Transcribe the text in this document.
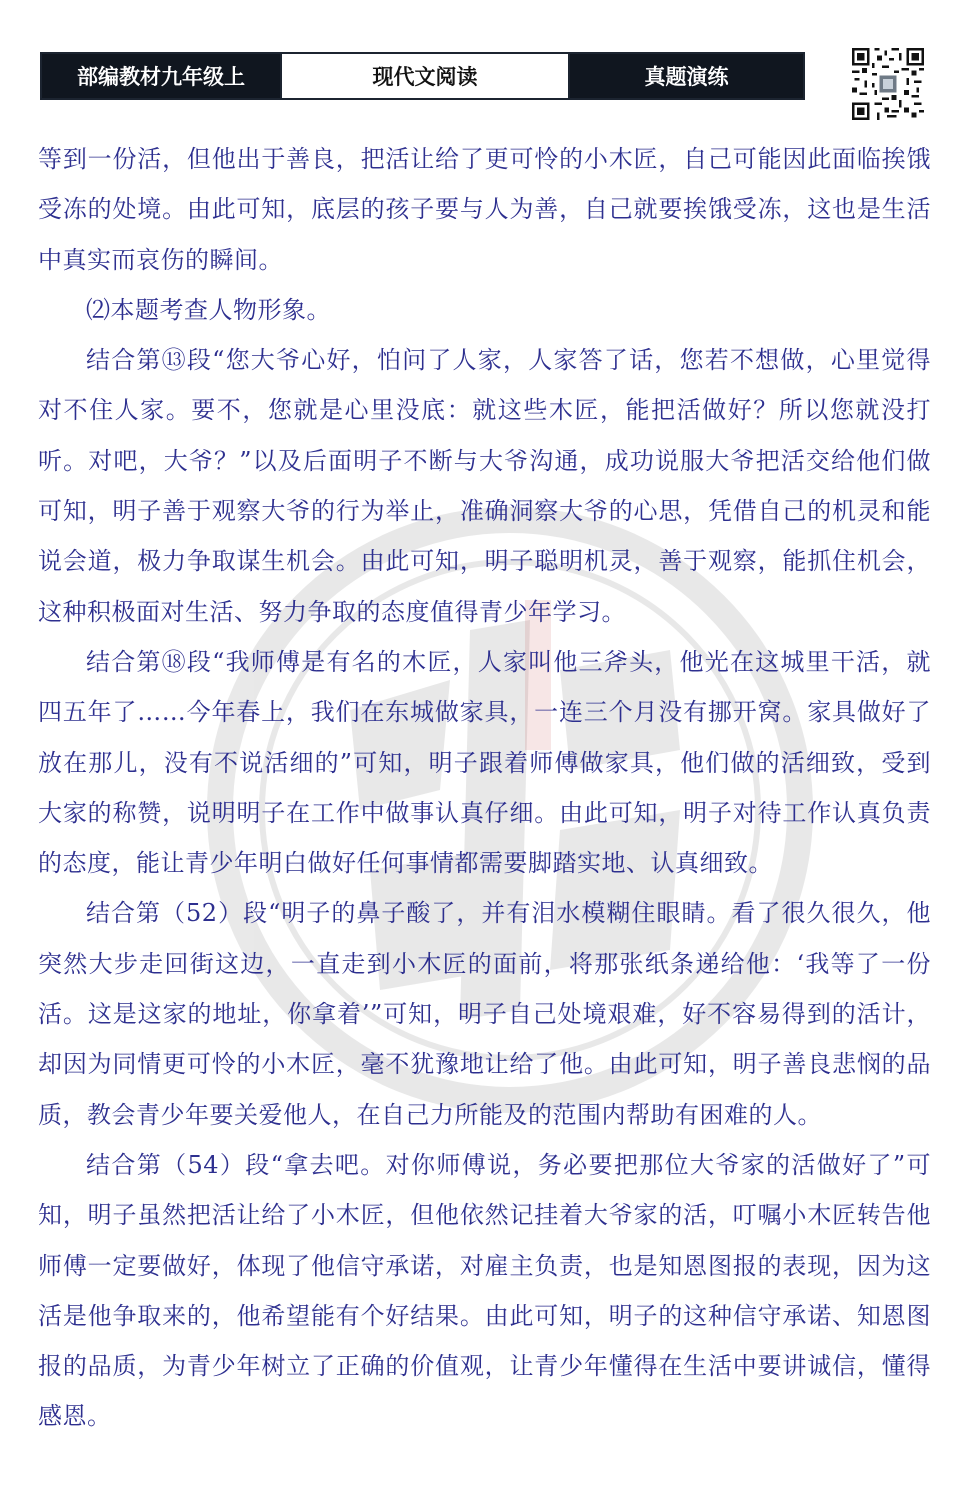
部编教材九年级上	现代文阅读	真题演练

等到一份活，但他出于善良，把活让给了更可怜的小木匠，自己可能因此面临挨饿受冻的处境。由此可知，底层的孩子要与人为善，自己就要挨饿受冻，这也是生活中真实而哀伤的瞬间。

⑵本题考查人物形象。

结合第⑬段“您大爷心好，怕问了人家，人家答了话，您若不想做，心里觉得对不住人家。要不，您就是心里没底：就这些木匠，能把活做好？所以您就没打听。对吧，大爷？”以及后面明子不断与大爷沟通，成功说服大爷把活交给他们做可知，明子善于观察大爷的行为举止，准确洞察大爷的心思，凭借自己的机灵和能说会道，极力争取谋生机会。由此可知，明子聪明机灵，善于观察，能抓住机会，这种积极面对生活、努力争取的态度值得青少年学习。

结合第⑱段“我师傅是有名的木匠，人家叫他三斧头，他光在这城里干活，就四五年了……今年春上，我们在东城做家具，一连三个月没有挪开窝。家具做好了放在那儿，没有不说活细的”可知，明子跟着师傅做家具，他们做的活细致，受到大家的称赞，说明明子在工作中做事认真仔细。由此可知，明子对待工作认真负责的态度，能让青少年明白做好任何事情都需要脚踏实地、认真细致。

结合第（52）段“明子的鼻子酸了，并有泪水模糊住眼睛。看了很久很久，他突然大步走回街这边，一直走到小木匠的面前，将那张纸条递给他：‘我等了一份活。这是这家的地址，你拿着’”可知，明子自己处境艰难，好不容易得到的活计，却因为同情更可怜的小木匠，毫不犹豫地让给了他。由此可知，明子善良悲悯的品质，教会青少年要关爱他人，在自己力所能及的范围内帮助有困难的人。

结合第（54）段“拿去吧。对你师傅说，务必要把那位大爷家的活做好了”可知，明子虽然把活让给了小木匠，但他依然记挂着大爷家的活，叮嘱小木匠转告他师傅一定要做好，体现了他信守承诺，对雇主负责，也是知恩图报的表现，因为这活是他争取来的，他希望能有个好结果。由此可知，明子的这种信守承诺、知恩图报的品质，为青少年树立了正确的价值观，让青少年懂得在生活中要讲诚信，懂得感恩。
